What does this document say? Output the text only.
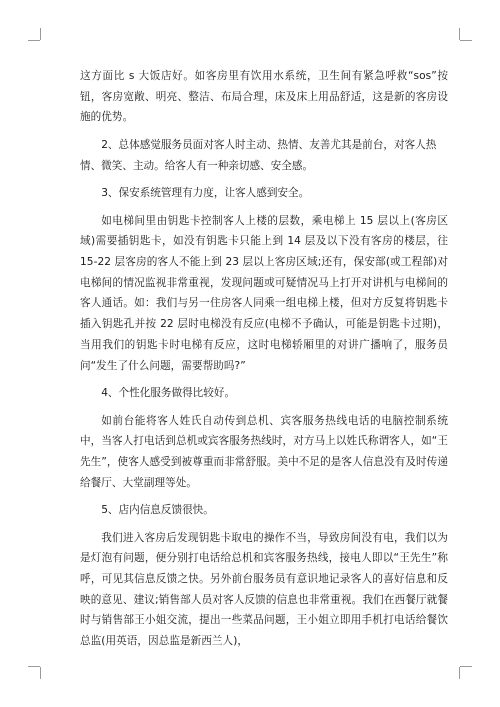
这方面比 s 大饭店好。如客房里有饮用水系统，卫生间有紧急呼救“sos”按钮，客房宽敞、明亮、整洁、布局合理，床及床上用品舒适，这是新的客房设施的优势。

2、总体感觉服务员面对客人时主动、热情、友善尤其是前台，对客人热情、微笑、主动。给客人有一种亲切感、安全感。

3、保安系统管理有力度，让客人感到安全。

如电梯间里由钥匙卡控制客人上楼的层数，乘电梯上 15 层以上(客房区域)需要插钥匙卡，如没有钥匙卡只能上到 14 层及以下没有客房的楼层，往 15-22 层客房的客人不能上到 23 层以上客房区域;还有，保安部(或工程部)对电梯间的情况监视非常重视，发现问题或可疑情况马上打开对讲机与电梯间的客人通话。如：我们与另一住房客人同乘一组电梯上楼，但对方反复将钥匙卡插入钥匙孔并按 22 层时电梯没有反应(电梯不予确认，可能是钥匙卡过期)，当用我们的钥匙卡时电梯有反应，这时电梯轿厢里的对讲广播响了，服务员问“发生了什么问题，需要帮助吗?”

4、个性化服务做得比较好。

如前台能将客人姓氏自动传到总机、宾客服务热线电话的电脑控制系统中，当客人打电话到总机或宾客服务热线时，对方马上以姓氏称谓客人，如“王先生”，使客人感受到被尊重而非常舒服。美中不足的是客人信息没有及时传递给餐厅、大堂副理等处。

5、店内信息反馈很快。

我们进入客房后发现钥匙卡取电的操作不当，导致房间没有电，我们以为是灯泡有问题，便分别打电话给总机和宾客服务热线，接电人即以“王先生”称呼，可见其信息反馈之快。另外前台服务员有意识地记录客人的喜好信息和反映的意见、建议;销售部人员对客人反馈的信息也非常重视。我们在西餐厅就餐时与销售部王小姐交流，提出一些菜品问题，王小姐立即用手机打电话给餐饮总监(用英语，因总监是新西兰人)，
